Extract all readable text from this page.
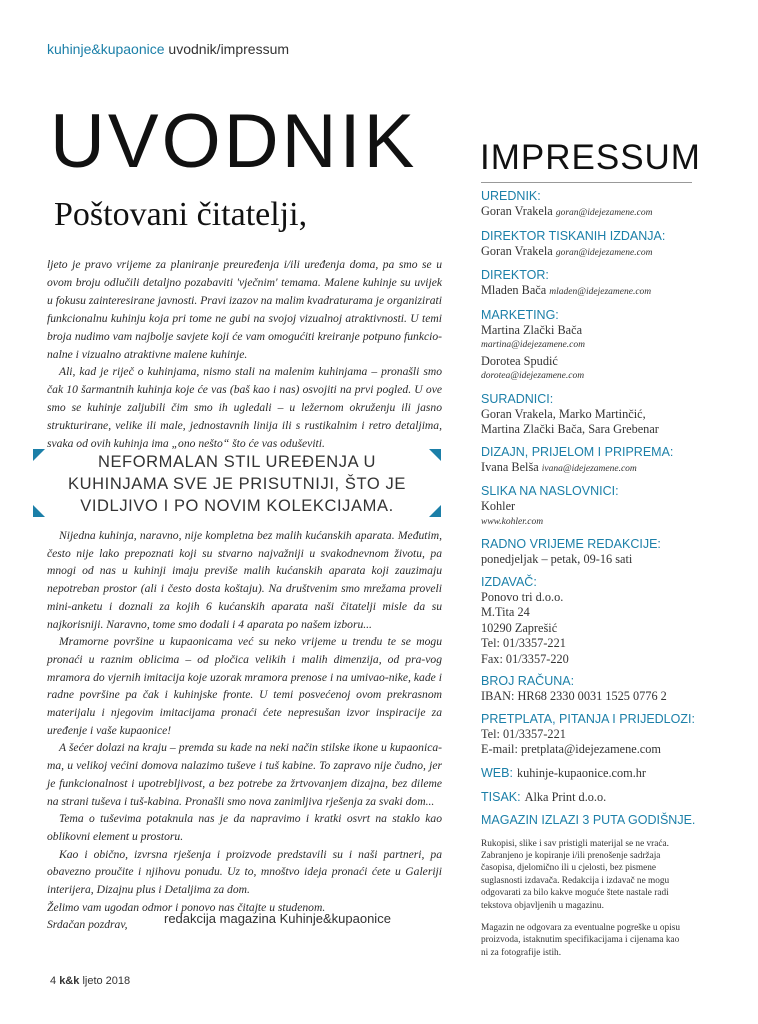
kuhinje&kupaonice uvodnik/impressum
UVODNIK
Poštovani čitatelji,

ljeto je pravo vrijeme za planiranje preuređenja i/ili uređenja doma, pa smo se u ovom broju odlučili detaljno pozabaviti 'vječnim' temama. Malene kuhinje su uvijek u fokusu zainteresirane javnosti. Pravi izazov na malim kvadraturama je organizirati funkcionalnu kuhinju koja pri tome ne gubi na svojoj vizualnoj atraktivnosti. U temi broja nudimo vam najbolje savjete koji će vam omogućiti kreiranje potpuno funkcio-nalne i vizualno atraktivne malene kuhinje.

Ali, kad je riječ o kuhinjama, nismo stali na malenim kuhinjama – pronašli smo čak 10 šarmantnih kuhinja koje će vas (baš kao i nas) osvojiti na prvi pogled. U ove smo se kuhinje zaljubili čim smo ih ugledali – u ležernom okruženju ili jasno strukturirane, velike ili male, jednostavnih linija ili s rustikalnim i retro detaljima, svaka od ovih kuhinja ima „ono nešto“ što će vas oduševiti.

NEFORMALAN STIL UREĐENJA U KUHINJAMA SVE JE PRISUTNIJI, ŠTO JE VIDLJIVO I PO NOVIM KOLEKCIJAMA.

Nijedna kuhinja, naravno, nije kompletna bez malih kućanskih aparata. Međutim, često nije lako prepoznati koji su stvarno najvažniji u svakodnevnom životu, pa mnogi od nas u kuhinji imaju previše malih kućanskih aparata koji zauzimaju nepotreban prostor (ali i često dosta koštaju). Na društvenim smo mrežama proveli mini-anketu i doznali za kojih 6 kućanskih aparata naši čitatelji misle da su najkorisniji. Naravno, tome smo dodali i 4 aparata po našem izboru...

Mramorne površine u kupaonicama već su neko vrijeme u trendu te se mogu pronaći u raznim oblicima – od pločica velikih i malih dimenzija, od pra-vog mramora do vjernih imitacija koje uzorak mramora prenose i na umivao-nike, kade i radne površine pa čak i kuhinjske fronte. U temi posvećenoj ovom prekrasnom materijalu i njegovim imitacijama pronaći ćete nepresušan izvor inspiracije za uređenje i vaše kupaonice!

A šećer dolazi na kraju – premda su kade na neki način stilske ikone u kupaonica-ma, u velikoj većini domova nalazimo tuševe i tuš kabine. To zapravo nije čudno, jer je funkcionalnost i upotrebljivost, a bez potrebe za žrtvovanjem dizajna, bez dileme na strani tuševa i tuš-kabina. Pronašli smo nova zanimljiva rješenja za svaki dom...

Tema o tuševima potaknula nas je da napravimo i kratki osvrt na staklo kao oblikovni element u prostoru.

Kao i obično, izvrsna rješenja i proizvode predstavili su i naši partneri, pa obavezno proučite i njihovu ponudu. Uz to, mnoštvo ideja pronaći ćete u Galeriji interijera, Dizajnu plus i Detaljima za dom.

Želimo vam ugodan odmor i ponovo nas čitajte u studenom.

Srdačan pozdrav,	redakcija magazina Kuhinje&kupaonice
4 k&k ljeto 2018
IMPRESSUM
UREDNIK:
Goran Vrakela goran@idejezamene.com
DIREKTOR TISKANIH IZDANJA:
Goran Vrakela goran@idejezamene.com
DIREKTOR:
Mladen Bača mladen@idejezamene.com
MARKETING:
Martina Zlački Bača
martina@idejezamene.com
Dorotea Spudić
dorotea@idejezamene.com
SURADNICI:
Goran Vrakela, Marko Martinčić,
Martina Zlački Bača, Sara Grebenar
DIZAJN, PRIJELOM I PRIPREMA:
Ivana Belša ivana@idejezamene.com
SLIKA NA NASLOVNICI:
Kohler
www.kohler.com
RADNO VRIJEME REDAKCIJE:
ponedjeljak – petak, 09-16 sati
IZDAVAČ:
Ponovo tri d.o.o.
M.Tita 24
10290 Zaprešić
Tel: 01/3357-221
Fax: 01/3357-220
BROJ RAČUNA:
IBAN: HR68 2330 0031 1525 0776 2
PRETPLATA, PITANJA I PRIJEDLOZI:
Tel: 01/3357-221
E-mail: pretplata@idejezamene.com
WEB: kuhinje-kupaonice.com.hr
TISAK: Alka Print d.o.o.
MAGAZIN IZLAZI 3 PUTA GODIŠNJE.

Rukopisi, slike i sav pristigli materijal se ne vraća. Zabranjeno je kopiranje i/ili prenošenje sadržaja časopisa, djelomično ili u cjelosti, bez pismene suglasnosti izdavača. Redakcija i izdavač ne mogu odgovarati za bilo kakve moguće štete nastale radi tekstova objavljenih u magazinu.

Magazin ne odgovara za eventualne pogreške u opisu proizvoda, istaknutim specifikacijama i cijenama kao ni za fotografije istih.
